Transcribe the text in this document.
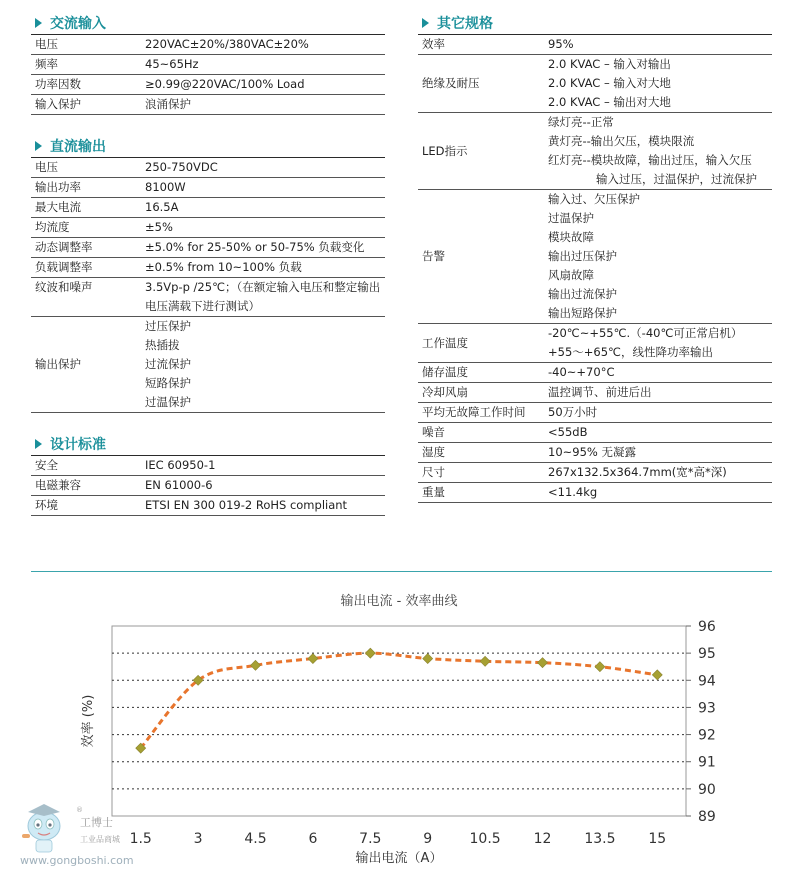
交流输入
电压	220VAC±20%/380VAC±20%
频率	45~65Hz
功率因数	≥0.99@220VAC/100% Load
输入保护	浪涌保护
直流输出
电压	250-750VDC
输出功率	8100W
最大电流	16.5A
均流度	±5%
动态调整率	±5.0% for 25-50% or 50-75% 负载变化
负载调整率	±0.5% from 10~100% 负载
纹波和噪声	3.5Vp-p /25℃；（在额定输入电压和整定输出
	电压满载下进行测试）
输出保护	过压保护
	热插拔
	过流保护
	短路保护
	过温保护
设计标准
安全	IEC 60950-1
电磁兼容	EN 61000-6
环境	ETSI EN 300 019-2 RoHS compliant
其它规格
效率	95%
绝缘及耐压	2.0 KVAC – 输入对输出
	2.0 KVAC – 输入对大地
	2.0 KVAC – 输出对大地
LED指示	绿灯亮--正常
	黄灯亮--输出欠压，模块限流
	红灯亮--模块故障，输出过压，输入欠压
	输入过压，过温保护，过流保护
告警	输入过、欠压保护
	过温保护
	模块故障
	输出过压保护
	风扇故障
	输出过流保护
	输出短路保护
工作温度	-20℃~+55℃.（-40℃可正常启机）
	+55～+65℃，线性降功率输出
储存温度	-40~+70°C
冷却风扇	温控调节、前进后出
平均无故障工作时间	50万小时
噪音	<55dB
湿度	10~95% 无凝露
尺寸	267x132.5x364.7mm(宽*高*深)
重量	<11.4kg
输出电流 - 效率曲线
89
90
91
92
93
94
95
96
1.5	3	4.5	6	7.5	9	10.5 12 13.5 15
输出电流（A）
效率 (%)
®
工博士
工业品商城
www.gongboshi.com
